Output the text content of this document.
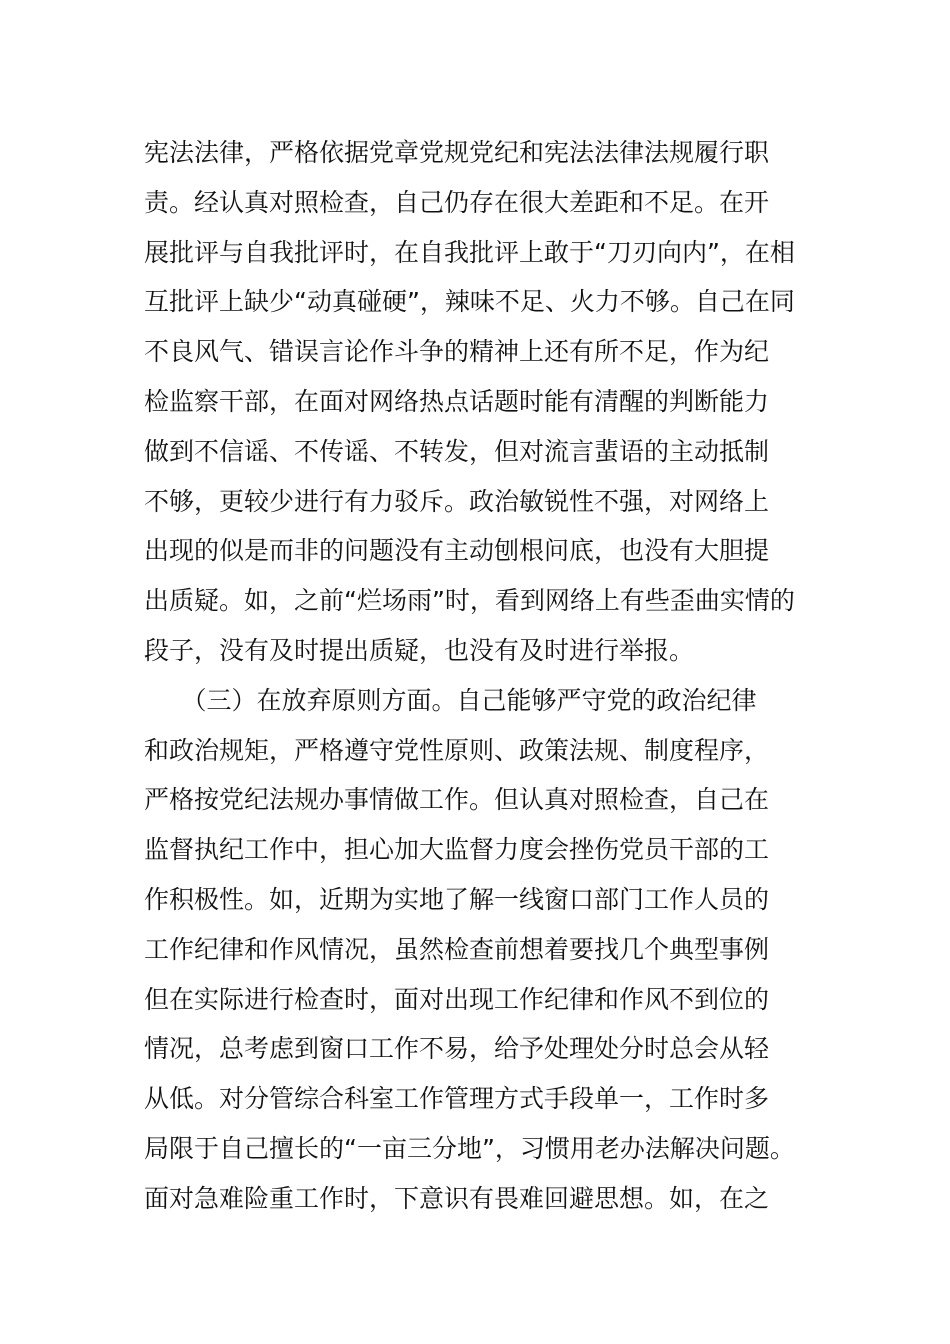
宪法法律，严格依据党章党规党纪和宪法法律法规履行职
责。经认真对照检查，自己仍存在很大差距和不足。在开
展批评与自我批评时，在自我批评上敢于“刀刃向内”，在相
互批评上缺少“动真碰硬”，辣味不足、火力不够。自己在同
不良风气、错误言论作斗争的精神上还有所不足，作为纪
检监察干部，在面对网络热点话题时能有清醒的判断能力
做到不信谣、不传谣、不转发，但对流言蜚语的主动抵制
不够，更较少进行有力驳斥。政治敏锐性不强，对网络上
出现的似是而非的问题没有主动刨根问底，也没有大胆提
出质疑。如，之前“烂场雨”时，看到网络上有些歪曲实情的
段子，没有及时提出质疑，也没有及时进行举报。
　　（三）在放弃原则方面。自己能够严守党的政治纪律
和政治规矩，严格遵守党性原则、政策法规、制度程序，
严格按党纪法规办事情做工作。但认真对照检查，自己在
监督执纪工作中，担心加大监督力度会挫伤党员干部的工
作积极性。如，近期为实地了解一线窗口部门工作人员的
工作纪律和作风情况，虽然检查前想着要找几个典型事例
但在实际进行检查时，面对出现工作纪律和作风不到位的
情况，总考虑到窗口工作不易，给予处理处分时总会从轻
从低。对分管综合科室工作管理方式手段单一，工作时多
局限于自己擅长的“一亩三分地”，习惯用老办法解决问题。
面对急难险重工作时，下意识有畏难回避思想。如，在之
